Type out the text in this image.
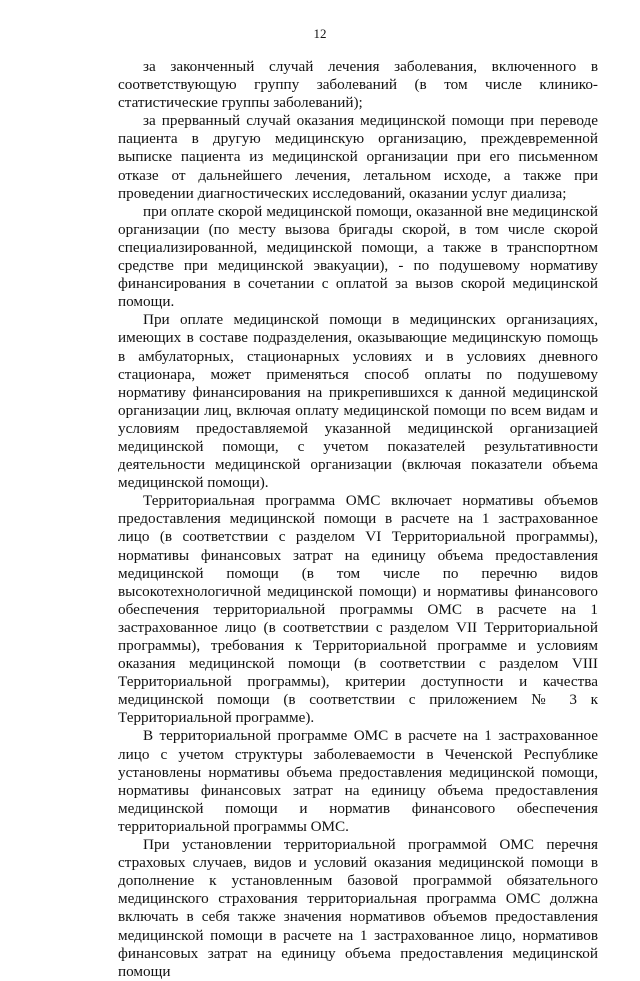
12

за законченный случай лечения заболевания, включенного в соответствующую группу заболеваний (в том числе клинико-статистические группы заболеваний);

за прерванный случай оказания медицинской помощи при переводе пациента в другую медицинскую организацию, преждевременной выписке пациента из медицинской организации при его письменном отказе от дальнейшего лечения, летальном исходе, а также при проведении диагностических исследований, оказании услуг диализа;

при оплате скорой медицинской помощи, оказанной вне медицинской организации (по месту вызова бригады скорой, в том числе скорой специализированной, медицинской помощи, а также в транспортном средстве при медицинской эвакуации), - по подушевому нормативу финансирования в сочетании с оплатой за вызов скорой медицинской помощи.

При оплате медицинской помощи в медицинских организациях, имеющих в составе подразделения, оказывающие медицинскую помощь в амбулаторных, стационарных условиях и в условиях дневного стационара, может применяться способ оплаты по подушевому нормативу финансирования на прикрепившихся к данной медицинской организации лиц, включая оплату медицинской помощи по всем видам и условиям предоставляемой указанной медицинской организацией медицинской помощи, с учетом показателей результативности деятельности медицинской организации (включая показатели объема медицинской помощи).

Территориальная программа ОМС включает нормативы объемов предоставления медицинской помощи в расчете на 1 застрахованное лицо (в соответствии с разделом VI Территориальной программы), нормативы финансовых затрат на единицу объема предоставления медицинской помощи (в том числе по перечню видов высокотехнологичной медицинской помощи) и нормативы финансового обеспечения территориальной программы ОМС в расчете на 1 застрахованное лицо (в соответствии с разделом VII Территориальной программы), требования к Территориальной программе и условиям оказания медицинской помощи (в соответствии с разделом VIII Территориальной программы), критерии доступности и качества медицинской помощи (в соответствии с приложением № 3 к Территориальной программе).

В территориальной программе ОМС в расчете на 1 застрахованное лицо с учетом структуры заболеваемости в Чеченской Республике установлены нормативы объема предоставления медицинской помощи, нормативы финансовых затрат на единицу объема предоставления медицинской помощи и норматив финансового обеспечения территориальной программы ОМС.

При установлении территориальной программой ОМС перечня страховых случаев, видов и условий оказания медицинской помощи в дополнение к установленным базовой программой обязательного медицинского страхования территориальная программа ОМС должна включать в себя также значения нормативов объемов предоставления медицинской помощи в расчете на 1 застрахованное лицо, нормативов финансовых затрат на единицу объема предоставления медицинской помощи
